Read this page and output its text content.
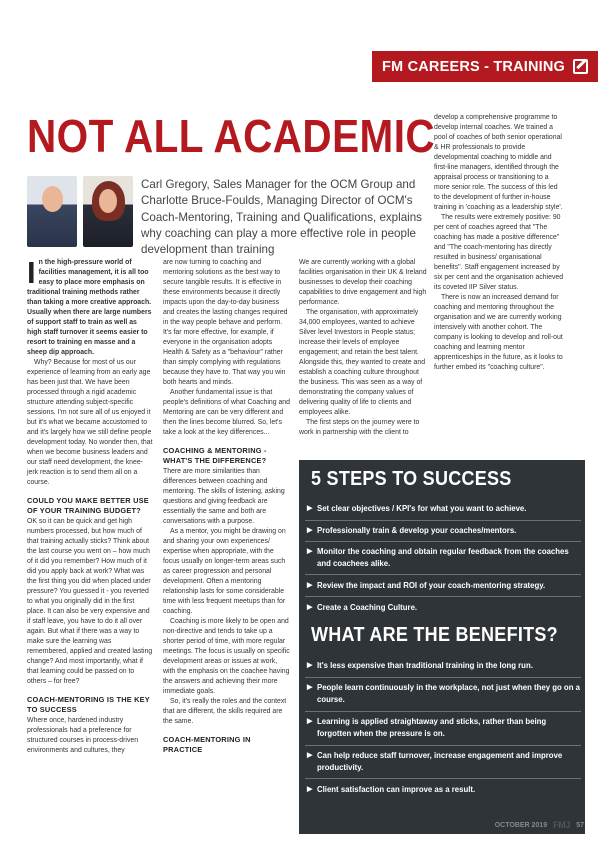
FM CAREERS - TRAINING
NOT ALL ACADEMIC
Carl Gregory, Sales Manager for the OCM Group and Charlotte Bruce-Foulds, Managing Director of OCM's Coach-Mentoring, Training and Qualifications, explains why coaching can play a more effective role in people development than training

In the high-pressure world of facilities management, it is all too easy to place more emphasis on traditional training methods rather than taking a more creative approach. Usually when there are large numbers of support staff to train as well as high staff turnover it seems easier to resort to training en masse and a sheep dip approach.

Why? Because for most of us our experience of learning from an early age has been just that. We have been processed through a rigid academic structure attending subject-specific sessions. I'm not sure all of us enjoyed it but it's what we became accustomed to and it's largely how we still define people development today. No wonder then, that when we become business leaders and our staff need development, the knee-jerk reaction is to send them all on a course.

COULD YOU MAKE BETTER USE OF YOUR TRAINING BUDGET?

OK so it can be quick and get high numbers processed, but how much of that training actually sticks? Think about the last course you went on – how much of it did you remember? How much of it did you apply back at work? What was the first thing you did when placed under pressure? You guessed it - you reverted to what you originally did in the first place. It can also be very expensive and if staff leave, you have to do it all over again. But what if there was a way to make sure the learning was remembered, applied and created lasting change? And most importantly, what if that learning could be passed on to others – for free?

COACH-MENTORING IS THE KEY TO SUCCESS

Where once, hardened industry professionals had a preference for structured courses in process-driven environments and cultures, they

are now turning to coaching and mentoring solutions as the best way to secure tangible results. It is effective in these environments because it directly impacts upon the day-to-day business and creates the lasting changes required in the way people behave and perform. It's far more effective, for example, if everyone in the organisation adopts Health & Safety as a "behaviour" rather than simply complying with regulations because they have to. That way you win both hearts and minds.

Another fundamental issue is that people's definitions of what Coaching and Mentoring are can be very different and then the lines become blurred. So, let's take a look at the key differences...

COACHING & MENTORING - WHAT'S THE DIFFERENCE?

There are more similarities than differences between coaching and mentoring. The skills of listening, asking questions and giving feedback are essentially the same and both are conversations with a purpose.

As a mentor, you might be drawing on and sharing your own experiences/ expertise when appropriate, with the focus usually on longer-term areas such as career progression and personal development. Often a mentoring relationship lasts for some considerable time with less frequent meetups than for coaching.

Coaching is more likely to be open and non-directive and tends to take up a shorter period of time, with more regular meetings. The focus is usually on specific development areas or issues at work, with the emphasis on the coachee having the answers and achieving their more immediate goals.

So, it's really the roles and the context that are different, the skills required are the same.

COACH-MENTORING IN PRACTICE

We are currently working with a global facilities organisation in their UK & Ireland businesses to develop their coaching capabilities to drive engagement and high performance.

The organisation, with approximately 34,000 employees, wanted to achieve Silver level Investors in People status; increase their levels of employee engagement; and retain the best talent. Alongside this, they wanted to create and establish a coaching culture throughout the business. This was seen as a way of demonstrating the company values of delivering quality of life to clients and employees alike.

The first steps on the journey were to work in partnership with the client to

develop a comprehensive programme to develop internal coaches. We trained a pool of coaches of both senior operational & HR professionals to provide developmental coaching to middle and first-line managers, identified through the appraisal process or transitioning to a more senior role. The success of this led to the development of further in-house training in 'coaching as a leadership style'.

The results were extremely positive: 90 per cent of coaches agreed that "The coaching has made a positive difference" and "The coach-mentoring has directly resulted in business/ organisational benefits". Staff engagement increased by six per cent and the organisation achieved its coveted IIP Silver status.

There is now an increased demand for coaching and mentoring throughout the organisation and we are currently working intensively with another cohort. The company is looking to develop and roll-out coaching and learning mentor apprenticeships in the future, as it looks to further embed its "coaching culture".

5 STEPS TO SUCCESS
▶ Set clear objectives / KPI's for what you want to achieve.
▶ Professionally train & develop your coaches/mentors.
▶ Monitor the coaching and obtain regular feedback from the coaches and coachees alike.
▶ Review the impact and ROI of your coach-mentoring strategy.
▶ Create a Coaching Culture.
WHAT ARE THE BENEFITS?
▶ It's less expensive than traditional training in the long run.
▶ People learn continuously in the workplace, not just when they go on a course.
▶ Learning is applied straightaway and sticks, rather than being forgotten when the pressure is on.
▶ Can help reduce staff turnover, increase engagement and improve productivity.
▶ Client satisfaction can improve as a result.
OCTOBER 2019 FMJ 57
